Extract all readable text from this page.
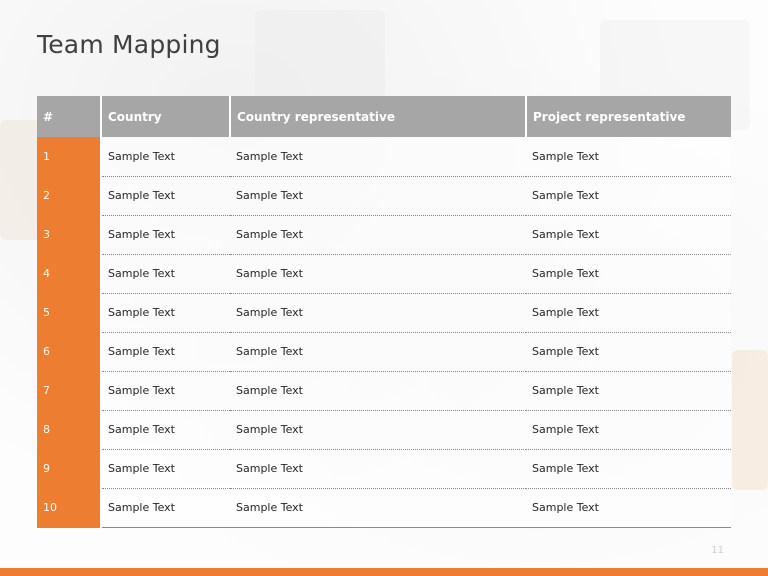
Team Mapping
#	Country	Country representative	Project representative
1	Sample Text	Sample Text	Sample Text
2	Sample Text	Sample Text	Sample Text
3	Sample Text	Sample Text	Sample Text
4	Sample Text	Sample Text	Sample Text
5	Sample Text	Sample Text	Sample Text
6	Sample Text	Sample Text	Sample Text
7	Sample Text	Sample Text	Sample Text
8	Sample Text	Sample Text	Sample Text
9	Sample Text	Sample Text	Sample Text
10	Sample Text	Sample Text	Sample Text
11
